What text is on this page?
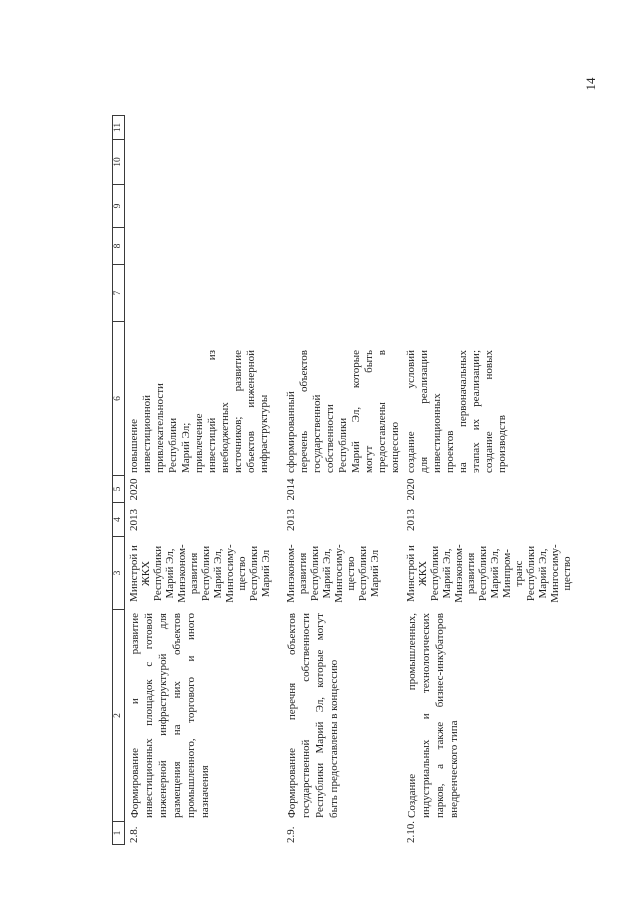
14
1
2
3
4
5
6
7
8
9
10
11
2.8.
Формирование и развитие инвестиционных площадок с готовой инженерной инфраструктурой для размещения на них объектов промышленного, торгового и иного назначения
Минстрой и ЖКХ Республики Марий Эл, Минэконом- развития Республики Марий Эл, Мингосиму- щество Республики Марий Эл
2013
2020
повышение инвестиционной привлекательности Республики Марий Эл; привлечение инвестиций из внебюджетных источников; развитие объектов инженерной инфраструктуры
2.9.
Формирование перечня объектов государственной собственности Республики Марий Эл, которые могут быть предоставлены в концессию
Минэконом- развития Республики Марий Эл, Мингосиму- щество Республики Марий Эл
2013
2014
сформированный перечень объектов государственной собственности Республики Марий Эл, которые могут быть предоставлены в концессию
2.10.
Создание промышленных, индустриальных и технологических парков, а также бизнес-инкубаторов внедренческого типа
Минстрой и ЖКХ Республики Марий Эл, Минэконом- развития Республики Марий Эл, Минпром- транс Республики Марий Эл, Мингосиму- щество
2013
2020
создание условий для реализации инвестиционных проектов на первоначальных этапах их реализации; создание новых производств
